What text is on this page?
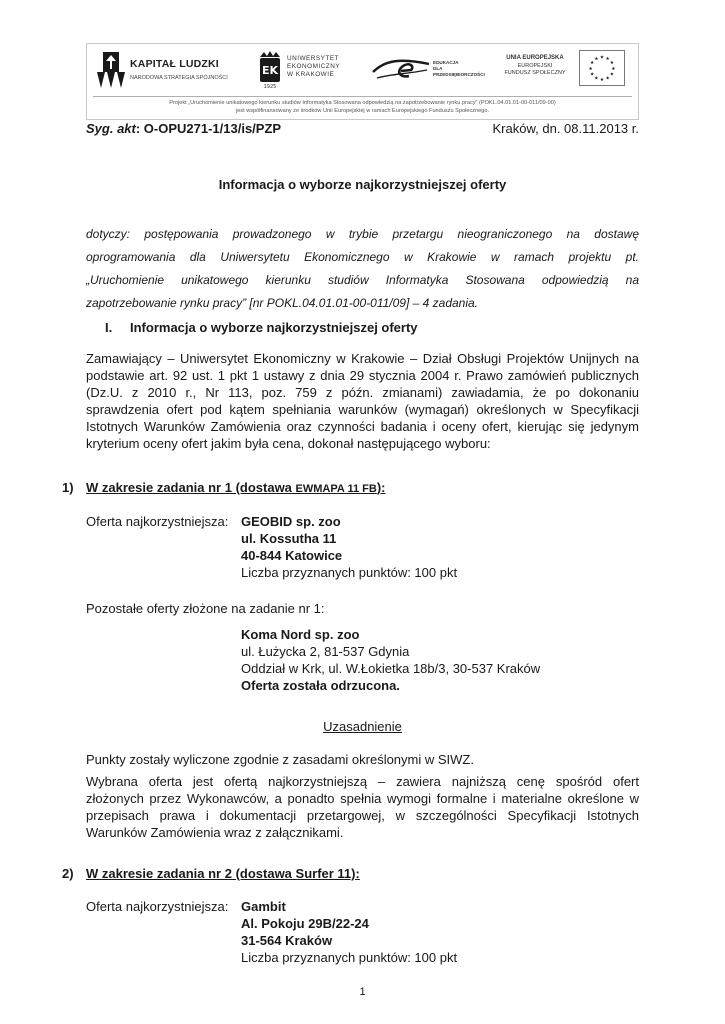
KAPITAŁ LUDZKI
NARODOWA STRATEGIA SPÓJNOŚCI
EK
1925
UNIWERSYTET
EKONOMICZNY
W KRAKOWIE
EDUKACJA
DLA
PRZEDSIĘBIORCZOŚCI
UNIA EUROPEJSKA
EUROPEJSKI
FUNDUSZ SPOŁECZNY
★ ★
★
★
★
★
★
★
★
★
★
★
Projekt „Uruchomienie unikatowego kierunku studiów Informatyka Stosowana odpowiedzią na zapotrzebowanie rynku pracy” (POKL.04.01.01-00-011/09-00)
jest współfinansowany ze środków Unii Europejskiej w ramach Europejskiego Funduszu Społecznego.
Syg. akt: O-OPU271-1/13/is/PZP	Kraków, dn. 08.11.2013 r.
Informacja o wyborze najkorzystniejszej oferty
dotyczy: postępowania prowadzonego w trybie przetargu nieograniczonego na dostawę
oprogramowania dla Uniwersytetu Ekonomicznego w Krakowie w ramach projektu pt.
„Uruchomienie unikatowego kierunku studiów Informatyka Stosowana odpowiedzią na
zapotrzebowanie rynku pracy” [nr POKL.04.01.01-00-011/09] – 4 zadania.
I. Informacja o wyborze najkorzystniejszej oferty
Zamawiający – Uniwersytet Ekonomiczny w Krakowie – Dział Obsługi Projektów Unijnych na
podstawie art. 92 ust. 1 pkt 1 ustawy z dnia 29 stycznia 2004 r. Prawo zamówień publicznych
(Dz.U. z 2010 r., Nr 113, poz. 759 z późn. zmianami) zawiadamia, że po dokonaniu
sprawdzenia ofert pod kątem spełniania warunków (wymagań) określonych w Specyfikacji
Istotnych Warunków Zamówienia oraz czynności badania i oceny ofert, kierując się jedynym
kryterium oceny ofert jakim była cena, dokonał następującego wyboru:
1) W zakresie zadania nr 1 (dostawa EWMAPA 11 FB):
Oferta najkorzystniejsza: GEOBID sp. zoo
ul. Kossutha 11
40-844 Katowice
Liczba przyznanych punktów: 100 pkt
Pozostałe oferty złożone na zadanie nr 1:
Koma Nord sp. zoo
ul. Łużycka 2, 81-537 Gdynia
Oddział w Krk, ul. W.Łokietka 18b/3, 30-537 Kraków
Oferta została odrzucona.
Uzasadnienie
Punkty zostały wyliczone zgodnie z zasadami określonymi w SIWZ.
Wybrana oferta jest ofertą najkorzystniejszą – zawiera najniższą cenę spośród ofert
złożonych przez Wykonawców, a ponadto spełnia wymogi formalne i materialne określone w
przepisach prawa i dokumentacji przetargowej, w szczególności Specyfikacji Istotnych
Warunków Zamówienia wraz z załącznikami.
2) W zakresie zadania nr 2 (dostawa Surfer 11):
Oferta najkorzystniejsza: Gambit
Al. Pokoju 29B/22-24
31-564 Kraków
Liczba przyznanych punktów: 100 pkt
1
